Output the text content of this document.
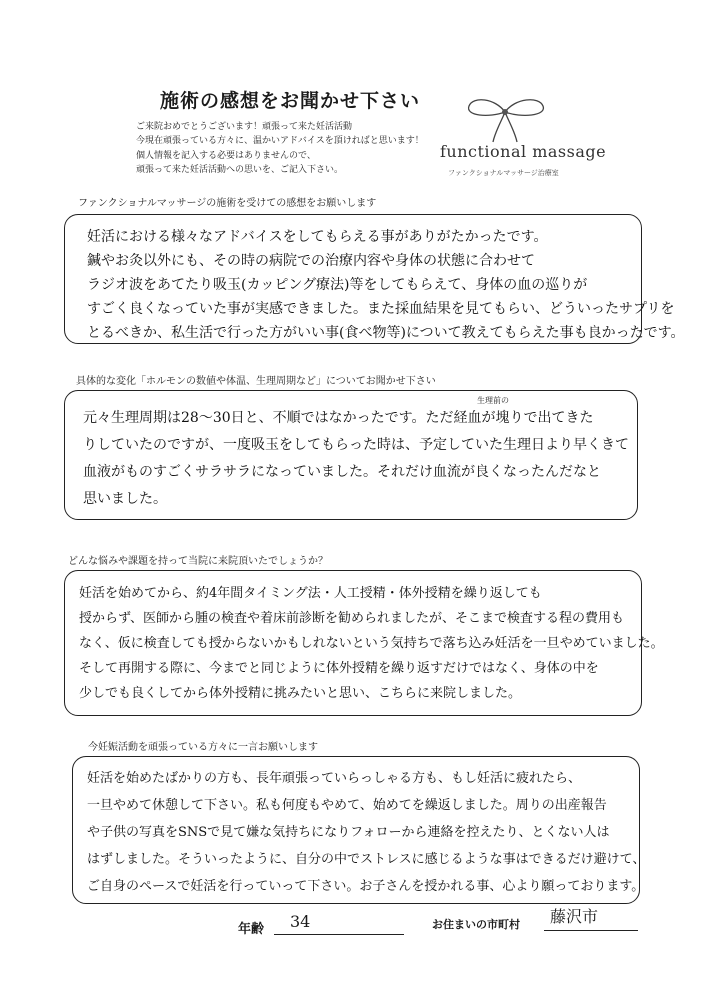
施術の感想をお聞かせ下さい
ご来院おめでとうございます！頑張って来た妊活活動
今現在頑張っている方々に、温かいアドバイスを頂ければと思います！
個人情報を記入する必要はありませんので、
頑張って来た妊活活動への思いを、ご記入下さい。
functional massage
ファンクショナルマッサージ治療室
ファンクショナルマッサージの施術を受けての感想をお願いします
妊活における様々なアドバイスをしてもらえる事がありがたかったです。
鍼やお灸以外にも、その時の病院での治療内容や身体の状態に合わせて
ラジオ波をあてたり吸玉(カッピング療法)等をしてもらえて、身体の血の巡りが
すごく良くなっていた事が実感できました。また採血結果を見てもらい、どういったサプリを
とるべきか、私生活で行った方がいい事(食べ物等)について教えてもらえた事も良かったです。
具体的な変化「ホルモンの数値や体温、生理周期など」についてお聞かせ下さい
生理前の
元々生理周期は28〜30日と、不順ではなかったです。ただ経血が塊りで出てきた
りしていたのですが、一度吸玉をしてもらった時は、予定していた生理日より早くきて
血液がものすごくサラサラになっていました。それだけ血流が良くなったんだなと
思いました。
どんな悩みや課題を持って当院に来院頂いたでしょうか？
妊活を始めてから、約4年間タイミング法・人工授精・体外授精を繰り返しても
授からず、医師から腫の検査や着床前診断を勧められましたが、そこまで検査する程の費用も
なく、仮に検査しても授からないかもしれないという気持ちで落ち込み妊活を一旦やめていました。
そして再開する際に、今までと同じように体外授精を繰り返すだけではなく、身体の中を
少しでも良くしてから体外授精に挑みたいと思い、こちらに来院しました。
今妊娠活動を頑張っている方々に一言お願いします
妊活を始めたばかりの方も、長年頑張っていらっしゃる方も、もし妊活に疲れたら、
一旦やめて休憩して下さい。私も何度もやめて、始めてを繰返しました。周りの出産報告
や子供の写真をSNSで見て嫌な気持ちになりフォローから連絡を控えたり、とくない人は
はずしました。そういったように、自分の中でストレスに感じるような事はできるだけ避けて、
ご自身のペースで妊活を行っていって下さい。お子さんを授かれる事、心より願っております。
年齢 34	お住まいの市町村 藤沢市
